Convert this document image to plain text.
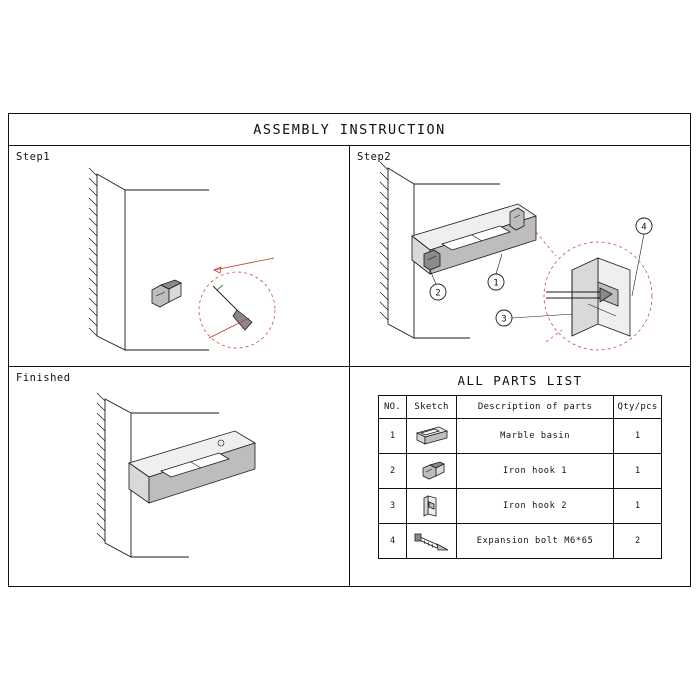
ASSEMBLY INSTRUCTION
Step1	Step2
1
2
3
4
Finished	ALL PARTS LIST
NO.	Sketch	Description of parts	Qty/pcs
1		Marble basin	1
2		Iron hook 1	1
3		Iron hook 2	1
4		Expansion bolt M6*65	2
